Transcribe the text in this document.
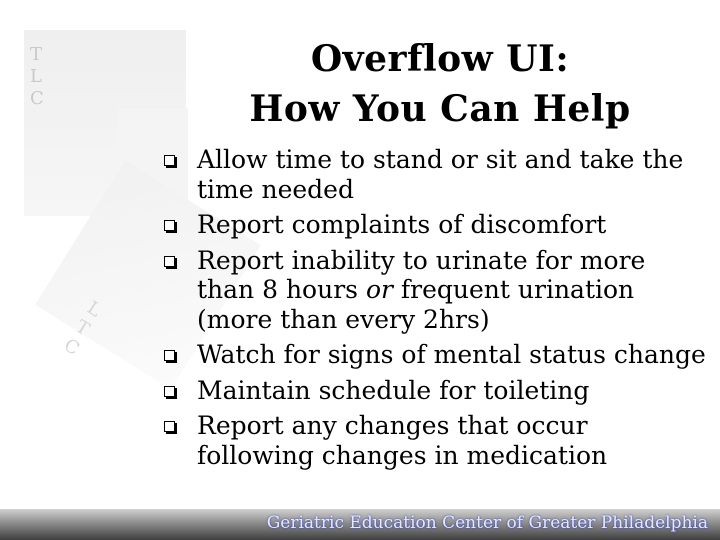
T
L
C
L
T
C
Overflow UI:
How You Can Help
Allow time to stand or sit and take the time needed
Report complaints of discomfort
Report inability to urinate for more than 8 hours or frequent urination (more than every 2hrs)
Watch for signs of mental status change
Maintain schedule for toileting
Report any changes that occur following changes in medication
Geriatric Education Center of Greater Philadelphia
